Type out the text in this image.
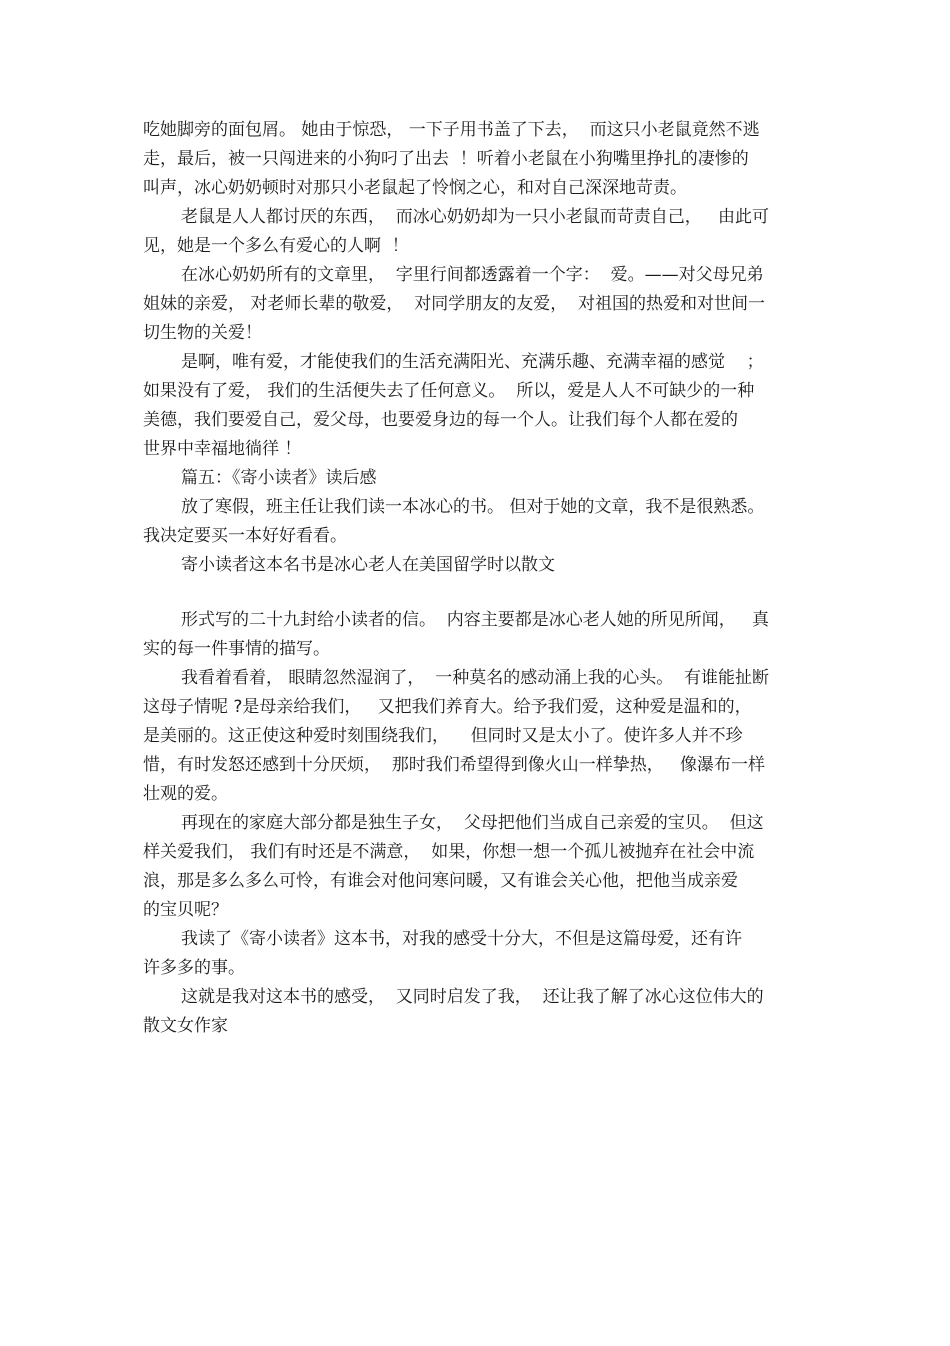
吃她脚旁的面包屑。 她由于惊恐， 一下子用书盖了下去，  而这只小老鼠竟然不逃
走，最后，被一只闯进来的小狗叼了出去  ！听着小老鼠在小狗嘴里挣扎的凄惨的
叫声，冰心奶奶顿时对那只小老鼠起了怜悯之心，和对自己深深地苛责。
老鼠是人人都讨厌的东西，  而冰心奶奶却为一只小老鼠而苛责自己，   由此可
见，她是一个多么有爱心的人啊  ！
在冰心奶奶所有的文章里，  字里行间都透露着一个字：  爱。——对父母兄弟
姐妹的亲爱， 对老师长辈的敬爱，  对同学朋友的友爱，  对祖国的热爱和对世间一
切生物的关爱！
是啊，唯有爱，才能使我们的生活充满阳光、充满乐趣、充满幸福的感觉    ；
如果没有了爱， 我们的生活便失去了任何意义。  所以，爱是人人不可缺少的一种
美德，我们要爱自己，爱父母，也要爱身边的每一个人。让我们每个人都在爱的
世界中幸福地徜徉 ！
篇五：《寄小读者》读后感
放了寒假，班主任让我们读一本冰心的书。 但对于她的文章，我不是很熟悉。
我决定要买一本好好看看。
寄小读者这本名书是冰心老人在美国留学时以散文
形式写的二十九封给小读者的信。  内容主要都是冰心老人她的所见所闻，   真
实的每一件事情的描写。
我看着看着， 眼睛忽然湿润了，  一种莫名的感动涌上我的心头。  有谁能扯断
这母子情呢 ?是母亲给我们，   又把我们养育大。给予我们爱，这种爱是温和的，
是美丽的。这正使这种爱时刻围绕我们，    但同时又是太小了。使许多人并不珍
惜，有时发怒还感到十分厌烦，  那时我们希望得到像火山一样挚热，   像瀑布一样
壮观的爱。
再现在的家庭大部分都是独生子女，  父母把他们当成自己亲爱的宝贝。  但这
样关爱我们， 我们有时还是不满意，  如果，你想一想一个孤儿被抛弃在社会中流
浪，那是多么多么可怜，有谁会对他问寒问暖，又有谁会关心他，把他当成亲爱
的宝贝呢？
我读了《寄小读者》这本书，对我的感受十分大，不但是这篇母爱，还有许
许多多的事。
这就是我对这本书的感受，  又同时启发了我，  还让我了解了冰心这位伟大的
散文女作家
